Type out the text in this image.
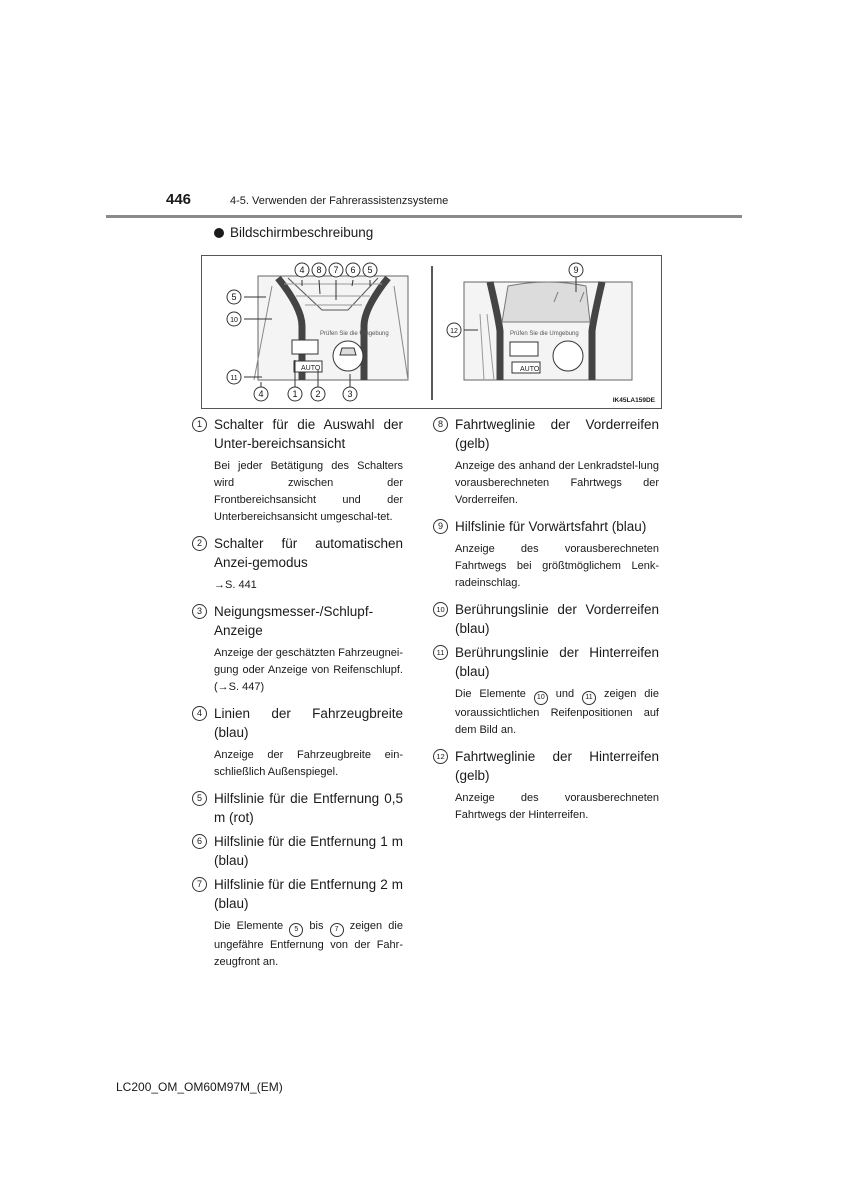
446	4-5. Verwenden der Fahrerassistenzsysteme
Bildschirmbeschreibung
Prüfen Sie die Umgebung
AUTO
Prüfen Sie die Umgebung
AUTO
4 8 7 6 5
5
10
11
4	1 2	3
9
12
IK45LA159DE
1 Schalter für die Auswahl der Unter-bereichsansicht
Bei jeder Betätigung des Schalters wird zwischen der Frontbereichsansicht und der Unterbereichsansicht umgeschal-tet.
2 Schalter für automatischen Anzei-gemodus
→S. 441
3 Neigungsmesser-/Schlupf-Anzeige
Anzeige der geschätzten Fahrzeugnei-gung oder Anzeige von Reifenschlupf. (→S. 447)
4 Linien der Fahrzeugbreite (blau)
Anzeige der Fahrzeugbreite ein-schließlich Außenspiegel.
5 Hilfslinie für die Entfernung 0,5 m (rot)
6 Hilfslinie für die Entfernung 1 m (blau)
7 Hilfslinie für die Entfernung 2 m (blau)
Die Elemente 5 bis 7 zeigen die ungefähre Entfernung von der Fahr-zeugfront an.
8 Fahrtweglinie der Vorderreifen (gelb)
Anzeige des anhand der Lenkradstel-lung vorausberechneten Fahrtwegs der Vorderreifen.
9 Hilfslinie für Vorwärtsfahrt (blau)
Anzeige des vorausberechneten Fahrtwegs bei größtmöglichem Lenk-radeinschlag.
10 Berührungslinie der Vorderreifen (blau)
11 Berührungslinie der Hinterreifen (blau)
Die Elemente 10 und 11 zeigen die voraussichtlichen Reifenpositionen auf dem Bild an.
12 Fahrtweglinie der Hinterreifen (gelb)
Anzeige des vorausberechneten Fahrtwegs der Hinterreifen.
LC200_OM_OM60M97M_(EM)
